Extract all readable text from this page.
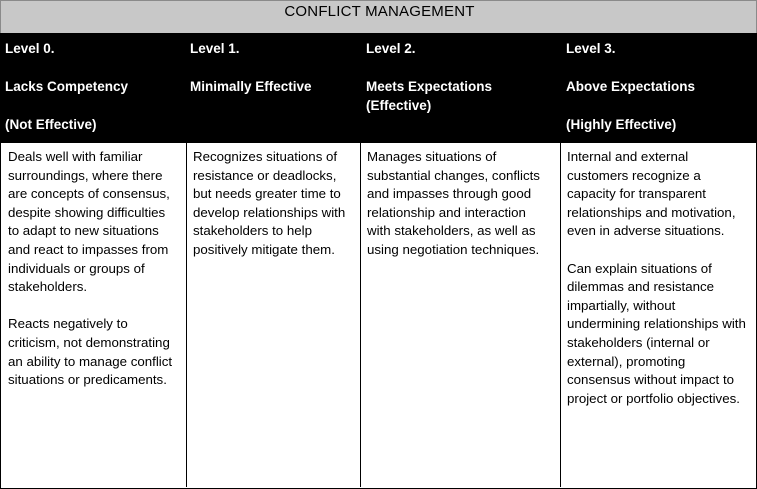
CONFLICT MANAGEMENT
Level 0.
Lacks Competency
(Not Effective)
Level 1.
Minimally Effective
Level 2.
Meets Expectations
(Effective)
Level 3.
Above Expectations
(Highly Effective)

Deals well with familiar surroundings, where there are concepts of consensus, despite showing difficulties to adapt to new situations and react to impasses from individuals or groups of stakeholders.

Reacts negatively to criticism, not demonstrating an ability to manage conflict situations or predicaments.

Recognizes situations of resistance or deadlocks, but needs greater time to develop relationships with stakeholders to help positively mitigate them.

Manages situations of substantial changes, conflicts and impasses through good relationship and interaction with stakeholders, as well as using negotiation techniques.

Internal and external customers recognize a capacity for transparent relationships and motivation, even in adverse situations.

Can explain situations of dilemmas and resistance impartially, without undermining relationships with stakeholders (internal or external), promoting consensus without impact to project or portfolio objectives.
